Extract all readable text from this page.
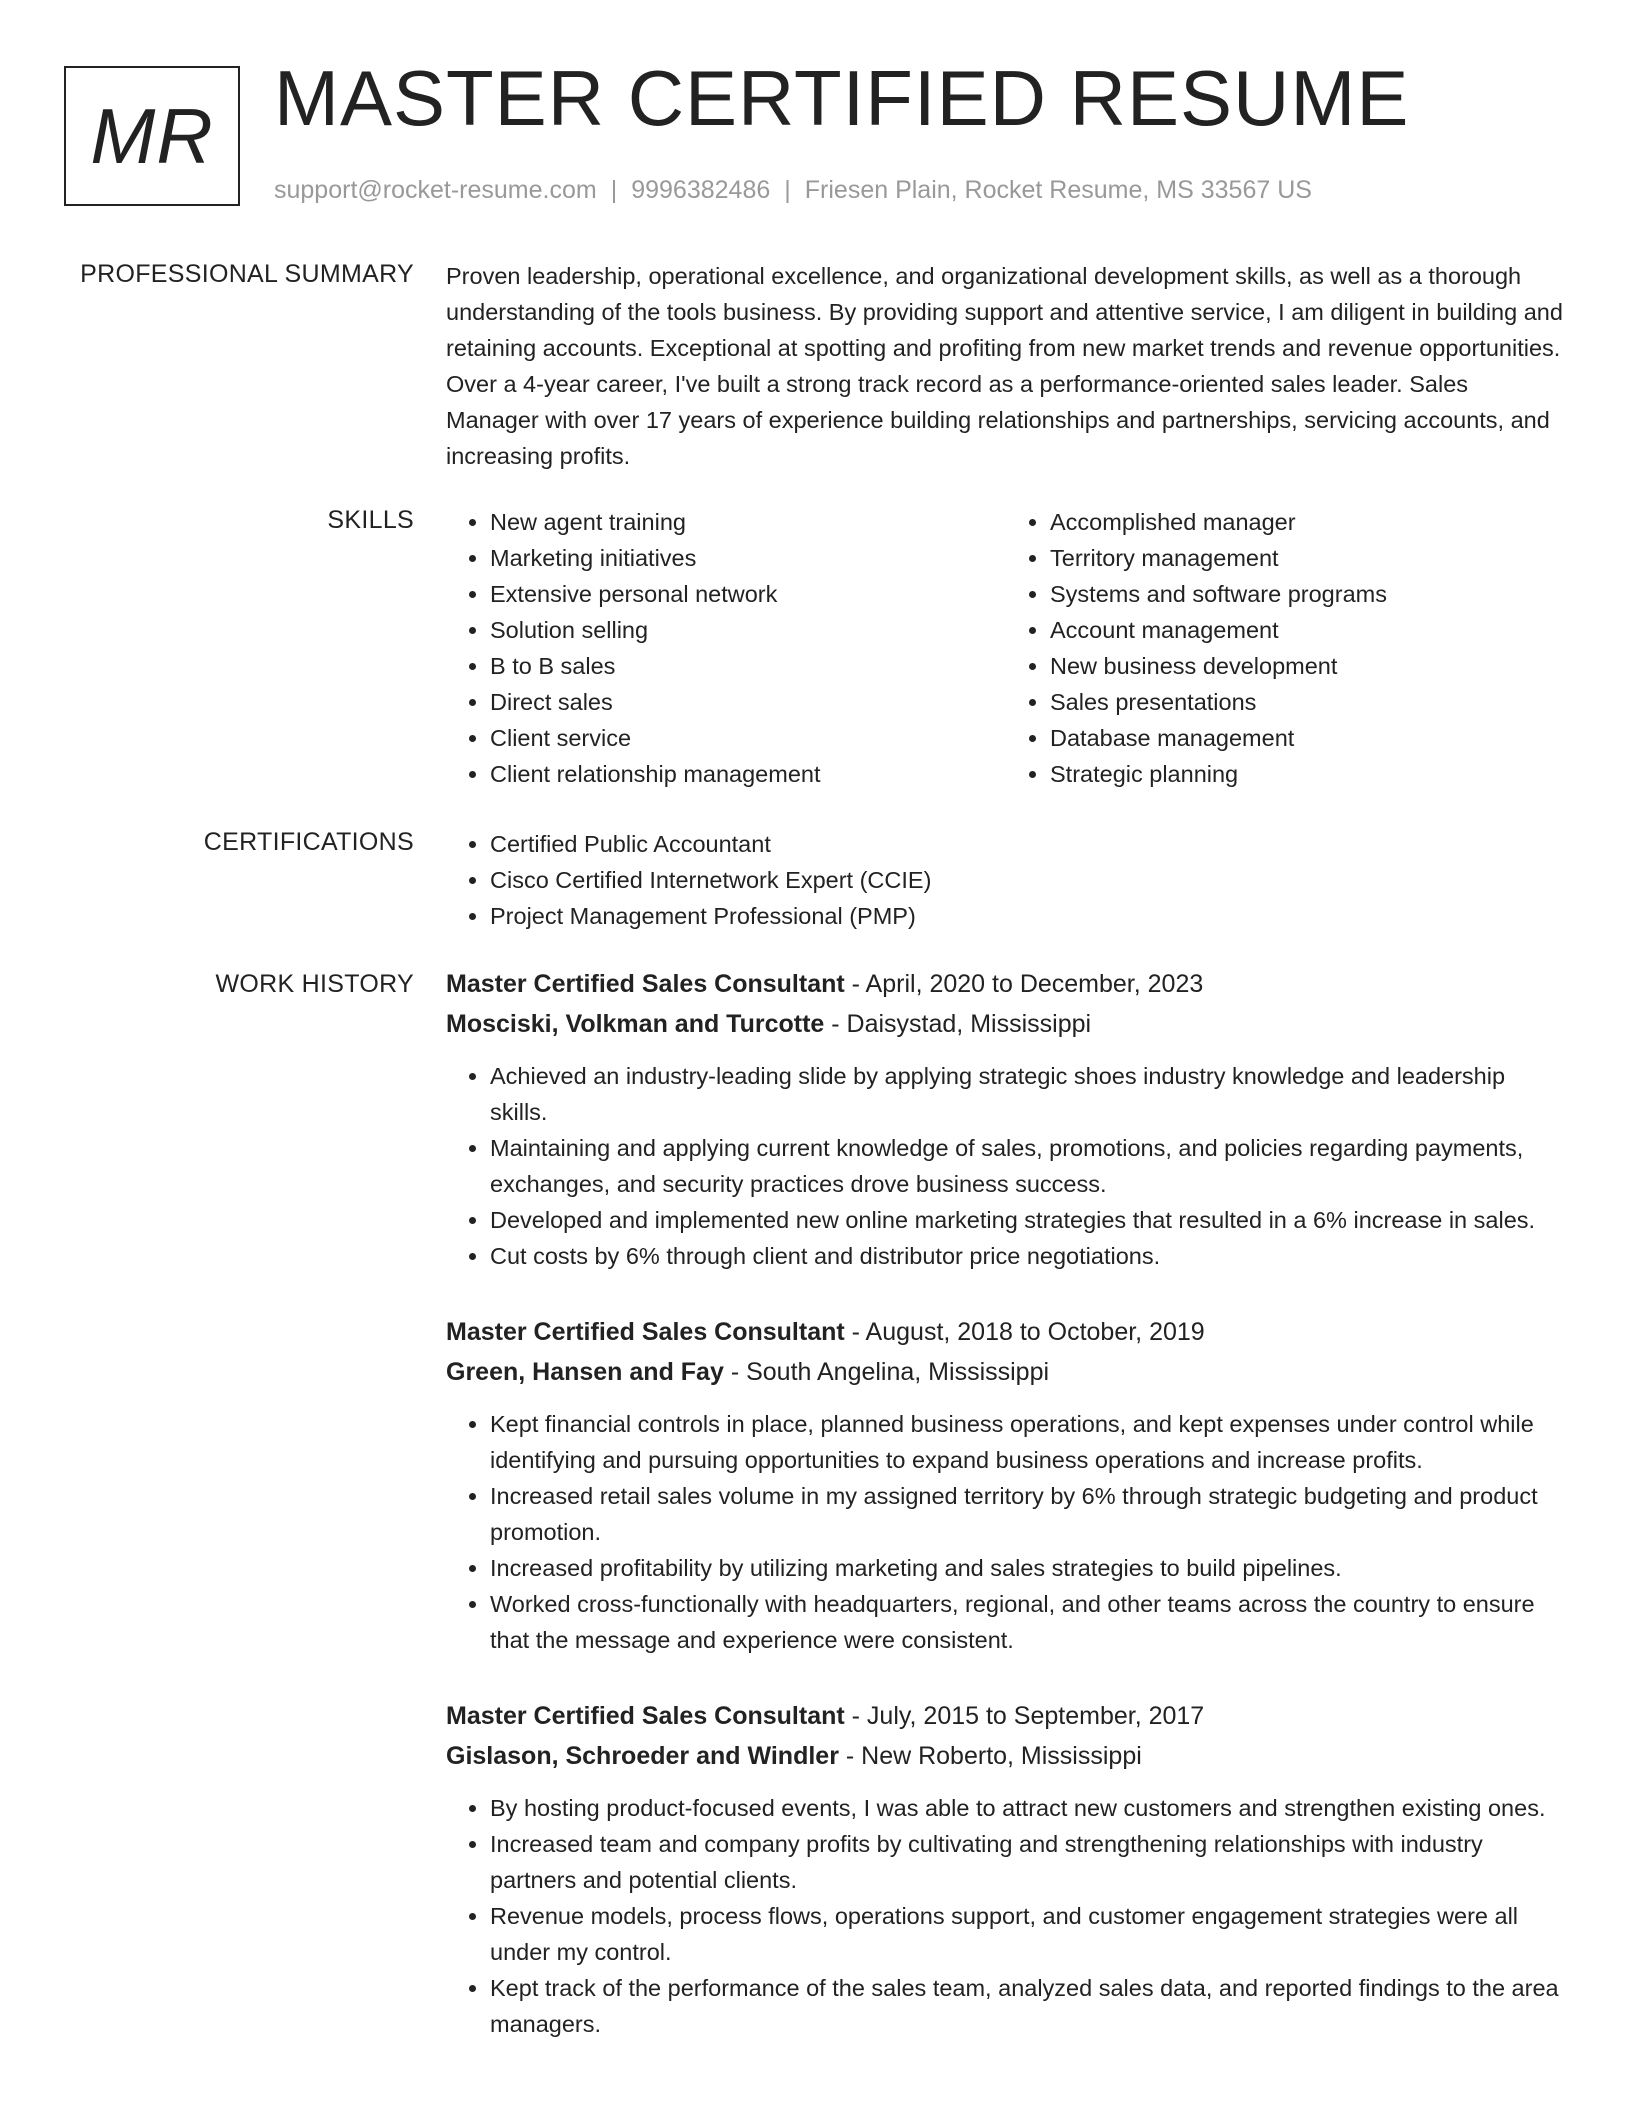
MR MASTER CERTIFIED RESUME
support@rocket-resume.com | 9996382486 | Friesen Plain, Rocket Resume, MS 33567 US
PROFESSIONAL SUMMARY Proven leadership, operational excellence, and organizational development skills, as well as a thorough understanding of the tools business. By providing support and attentive service, I am diligent in building and retaining accounts. Exceptional at spotting and profiting from new market trends and revenue opportunities. Over a 4-year career, I've built a strong track record as a performance-oriented sales leader. Sales Manager with over 17 years of experience building relationships and partnerships, servicing accounts, and increasing profits.

SKILLS	• New agent training
• Marketing initiatives
• Extensive personal network
• Solution selling
• B to B sales
• Direct sales
• Client service
• Client relationship management
• Accomplished manager
• Territory management
• Systems and software programs
• Account management
• New business development
• Sales presentations
• Database management
• Strategic planning
CERTIFICATIONS	• Certified Public Accountant
• Cisco Certified Internetwork Expert (CCIE)
• Project Management Professional (PMP)
WORK HISTORY Master Certified Sales Consultant - April, 2020 to December, 2023
Mosciski, Volkman and Turcotte - Daisystad, Mississippi
• Achieved an industry-leading slide by applying strategic shoes industry knowledge and leadership skills.
• Maintaining and applying current knowledge of sales, promotions, and policies regarding payments, exchanges, and security practices drove business success.
• Developed and implemented new online marketing strategies that resulted in a 6% increase in sales.
• Cut costs by 6% through client and distributor price negotiations.
Master Certified Sales Consultant - August, 2018 to October, 2019
Green, Hansen and Fay - South Angelina, Mississippi
• Kept financial controls in place, planned business operations, and kept expenses under control while identifying and pursuing opportunities to expand business operations and increase profits.
• Increased retail sales volume in my assigned territory by 6% through strategic budgeting and product promotion.
• Increased profitability by utilizing marketing and sales strategies to build pipelines.
• Worked cross-functionally with headquarters, regional, and other teams across the country to ensure that the message and experience were consistent.
Master Certified Sales Consultant - July, 2015 to September, 2017
Gislason, Schroeder and Windler - New Roberto, Mississippi
• By hosting product-focused events, I was able to attract new customers and strengthen existing ones.
• Increased team and company profits by cultivating and strengthening relationships with industry partners and potential clients.
• Revenue models, process flows, operations support, and customer engagement strategies were all under my control.
• Kept track of the performance of the sales team, analyzed sales data, and reported findings to the area managers.
